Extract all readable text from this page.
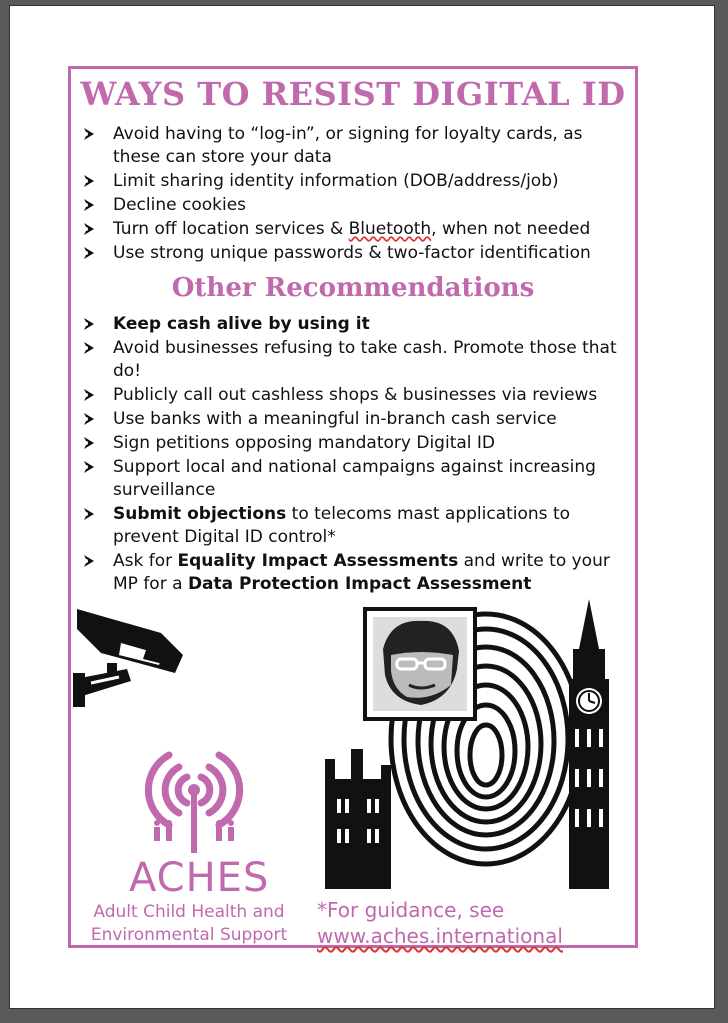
WAYS TO RESIST DIGITAL ID
Avoid having to “log-in”, or signing for loyalty cards, as these can store your data
Limit sharing identity information (DOB/address/job)
Decline cookies
Turn off location services & Bluetooth, when not needed
Use strong unique passwords & two-factor identification
Other Recommendations
Keep cash alive by using it
Avoid businesses refusing to take cash. Promote those that do!
Publicly call out cashless shops & businesses via reviews
Use banks with a meaningful in-branch cash service
Sign petitions opposing mandatory Digital ID
Support local and national campaigns against increasing surveillance
Submit objections to telecoms mast applications to prevent Digital ID control*
Ask for Equality Impact Assessments and write to your MP for a Data Protection Impact Assessment
ACHES
Adult Child Health and Environmental Support
*For guidance, see
www.aches.international
